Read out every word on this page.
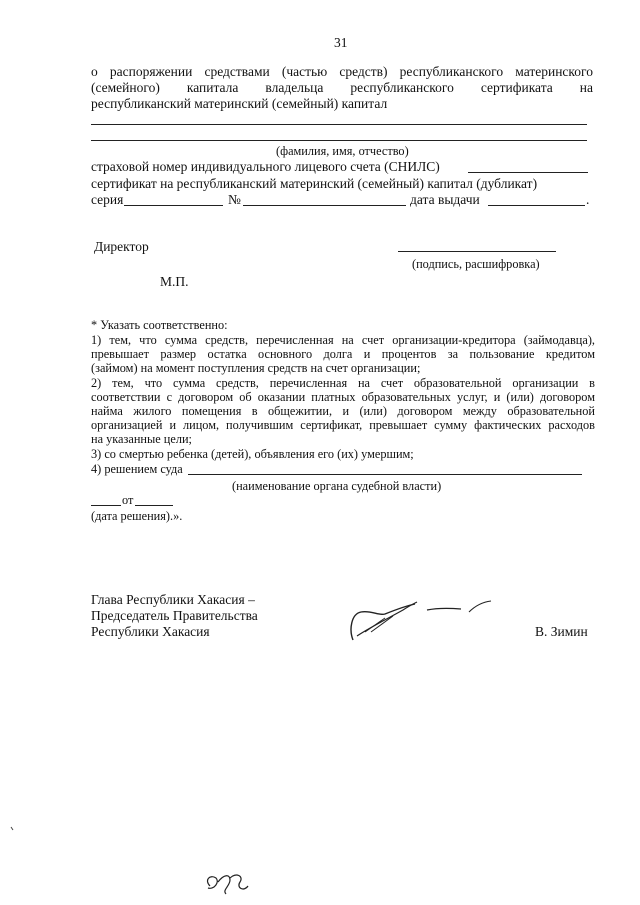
31
о распоряжении средствами (частью средств) республиканского материнского
(семейного) капитала владельца республиканского сертификата на
республиканский материнский (семейный) капитал
(фамилия, имя, отчество)
страховой номер индивидуального лицевого счета (СНИЛС)
сертификат на республиканский материнский (семейный) капитал (дубликат)
серия	№	дата выдачи	.
Директор
(подпись, расшифровка)
М.П.
* Указать соответственно:
1) тем, что сумма средств, перечисленная на счет организации-кредитора (займодавца),
превышает размер остатка основного долга и процентов за пользование кредитом
(займом) на момент поступления средств на счет организации;
2) тем, что сумма средств, перечисленная на счет образовательной организации в
соответствии с договором об оказании платных образовательных услуг, и (или) договором
найма жилого помещения в общежитии, и (или) договором между образовательной
организацией и лицом, получившим сертификат, превышает сумму фактических расходов
на указанные цели;
3) со смертью ребенка (детей), объявления его (их) умершим;
4) решением суда
(наименование органа судебной власти)
от
(дата решения).».
Глава Республики Хакасия –
Председатель Правительства
Республики Хакасия	В. Зимин
